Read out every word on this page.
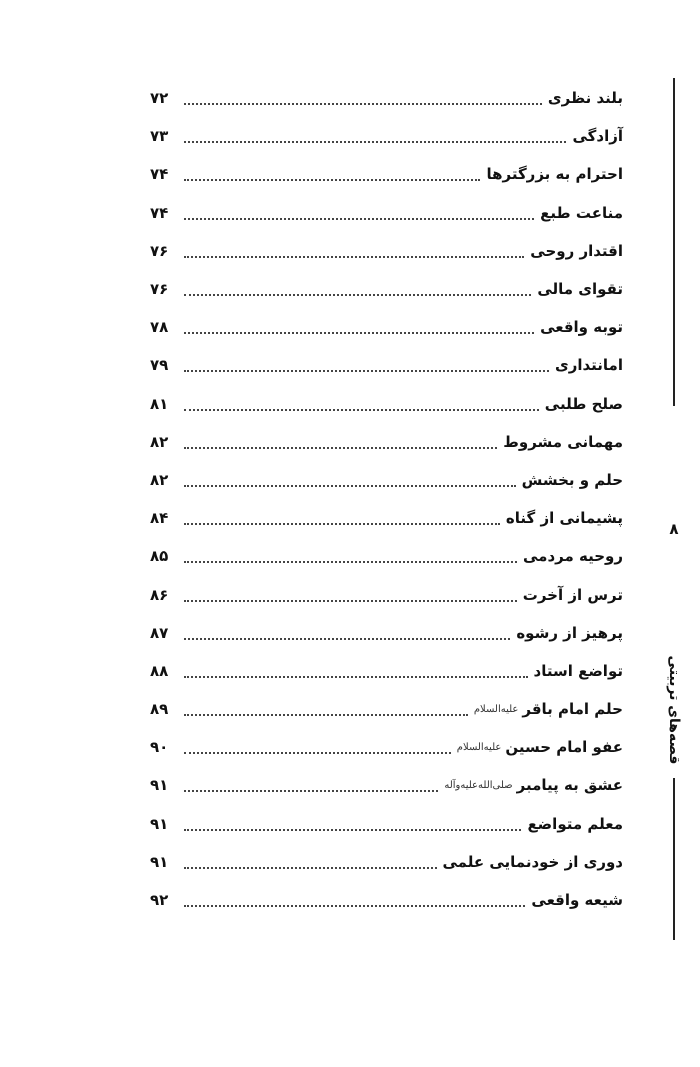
بلند نظری
۷۲
آزادگی
۷۳
احترام به بزرگترها
۷۴
مناعت طبع
۷۴
اقتدار روحی
۷۶
تقوای مالی
۷۶
توبه واقعی
۷۸
امانتداری
۷۹
صلح طلبی
۸۱
مهمانی مشروط
۸۲
حلم و بخشش
۸۲
پشیمانی از گناه
۸۴
روحیه مردمی
۸۵
ترس از آخرت
۸۶
پرهیز از رشوه
۸۷
تواضع استاد
۸۸
حلم امام باقر
علیه‌السلام
۸۹
عفو امام حسین
علیه‌السلام
۹۰
عشق به پیامبر
صلی‌الله‌علیه‌وآله
۹۱
معلم متواضع
۹۱
دوری از خودنمایی علمی
۹۱
شیعه واقعی
۹۲
۸
قصه‌های تربیتی
